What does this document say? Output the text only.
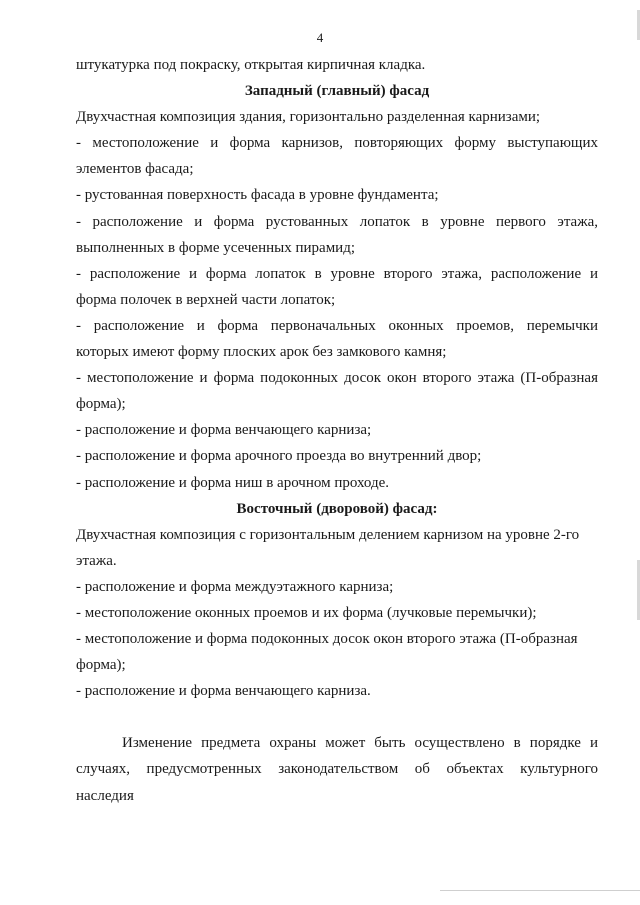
4
штукатурка под покраску, открытая кирпичная кладка.
Западный (главный) фасад
Двухчастная композиция здания, горизонтально разделенная карнизами;
- местоположение и форма карнизов, повторяющих форму выступающих
элементов фасада;
- рустованная поверхность фасада в уровне фундамента;
- расположение и форма рустованных лопаток в уровне первого этажа,
выполненных в форме усеченных пирамид;
- расположение и форма лопаток в уровне второго этажа, расположение и
форма полочек в верхней части лопаток;
- расположение и форма первоначальных оконных проемов, перемычки
которых имеют форму плоских арок без замкового камня;
- местоположение и форма подоконных досок окон второго этажа (П-образная
форма);
- расположение и форма венчающего карниза;
- расположение и форма арочного проезда во внутренний двор;
- расположение и форма ниш в арочном проходе.
Восточный (дворовой) фасад:
Двухчастная композиция с горизонтальным делением карнизом на уровне 2-го
этажа.
- расположение и форма междуэтажного карниза;
- местоположение оконных проемов и их форма (лучковые перемычки);
- местоположение и форма подоконных досок окон второго этажа (П-образная
форма);
- расположение и форма венчающего карниза.
Изменение предмета охраны может быть осуществлено в порядке и
случаях, предусмотренных законодательством об объектах культурного
наследия
